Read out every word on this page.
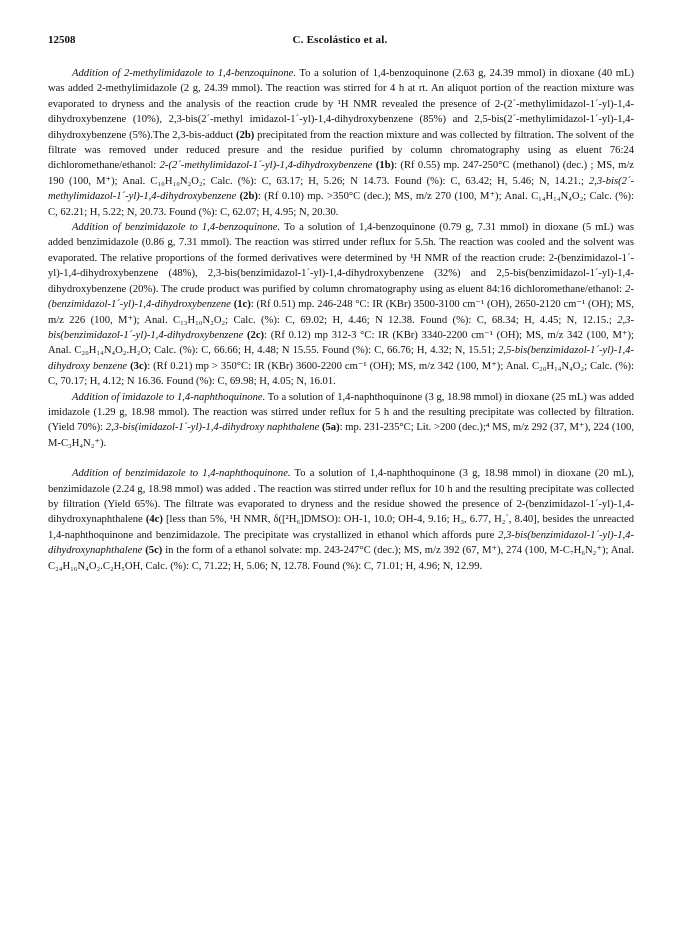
12508	C. Escolástico et al.

Addition of 2-methylimidazole to 1,4-benzoquinone. To a solution of 1,4-benzoquinone (2.63 g, 24.39 mmol) in dioxane (40 mL) was added 2-methylimidazole (2 g, 24.39 mmol). The reaction was stirred for 4 h at rt. An aliquot portion of the reaction mixture was evaporated to dryness and the analysis of the reaction crude by ¹H NMR revealed the presence of 2-(2´-methylimidazol-1´-yl)-1,4-dihydroxybenzene (10%), 2,3-bis(2´-methyl imidazol-1´-yl)-1,4-dihydroxybenzene (85%) and 2,5-bis(2´-methylimidazol-1´-yl)-1,4-dihydroxybenzene (5%).The 2,3-bis-adduct (2b) precipitated from the reaction mixture and was collected by filtration. The solvent of the filtrate was removed under reduced presure and the residue purified by column chromatography using as eluent 76:24 dichloromethane/ethanol: 2-(2´-methylimidazol-1´-yl)-1,4-dihydroxybenzene (1b): (Rf 0.55) mp. 247-250°C (methanol) (dec.) ; MS, m/z 190 (100, M⁺); Anal. C₁₀H₁₀N₂O₂; Calc. (%): C, 63.17; H, 5.26; N 14.73. Found (%): C, 63.42; H, 5.46; N, 14.21.; 2,3-bis(2´-methylimidazol-1´-yl)-1,4-dihydroxybenzene (2b): (Rf 0.10) mp. >350°C (dec.); MS, m/z 270 (100, M⁺); Anal. C₁₄H₁₄N₄O₂; Calc. (%): C, 62.21; H, 5.22; N, 20.73. Found (%): C, 62.07; H, 4.95; N, 20.30.

Addition of benzimidazole to 1,4-benzoquinone. To a solution of 1,4-benzoquinone (0.79 g, 7.31 mmol) in dioxane (5 mL) was added benzimidazole (0.86 g, 7.31 mmol). The reaction was stirred under reflux for 5.5h. The reaction was cooled and the solvent was evaporated. The relative proportions of the formed derivatives were determined by ¹H NMR of the reaction crude: 2-(benzimidazol-1´-yl)-1,4-dihydroxybenzene (48%), 2,3-bis(benzimidazol-1´-yl)-1,4-dihydroxybenzene (32%) and 2,5-bis(benzimidazol-1´-yl)-1,4-dihydroxybenzene (20%). The crude product was purified by column chromatography using as eluent 84:16 dichloromethane/ethanol: 2-(benzimidazol-1´-yl)-1,4-dihydroxybenzene (1c): (Rf 0.51) mp. 246-248 °C: IR (KBr) 3500-3100 cm⁻¹ (OH), 2650-2120 cm⁻¹ (OH); MS, m/z 226 (100, M⁺); Anal. C₁₃H₁₀N₂O₂; Calc. (%): C, 69.02; H, 4.46; N 12.38. Found (%): C, 68.34; H, 4.45; N, 12.15.; 2,3-bis(benzimidazol-1´-yl)-1,4-dihydroxybenzene (2c): (Rf 0.12) mp 312-3 °C: IR (KBr) 3340-2200 cm⁻¹ (OH); MS, m/z 342 (100, M⁺); Anal. C₂₀H₁₄N₄O₂.H₂O; Calc. (%): C, 66.66; H, 4.48; N 15.55. Found (%): C, 66.76; H, 4.32; N, 15.51; 2,5-bis(benzimidazol-1´-yl)-1,4-dihydroxy benzene (3c): (Rf 0.21) mp > 350°C: IR (KBr) 3600-2200 cm⁻¹ (OH); MS, m/z 342 (100, M⁺); Anal. C₂₀H₁₄N₄O₂; Calc. (%): C, 70.17; H, 4.12; N 16.36. Found (%): C, 69.98; H, 4.05; N, 16.01.

Addition of imidazole to 1,4-naphthoquinone. To a solution of 1,4-naphthoquinone (3 g, 18.98 mmol) in dioxane (25 mL) was added imidazole (1.29 g, 18.98 mmol). The reaction was stirred under reflux for 5 h and the resulting precipitate was collected by filtration. (Yield 70%): 2,3-bis(imidazol-1´-yl)-1,4-dihydroxy naphthalene (5a): mp. 231-235°C; Lit. >200 (dec.);⁴ MS, m/z 292 (37, M⁺), 224 (100, M-C₃H₄N₂⁺).

Addition of benzimidazole to 1,4-naphthoquinone. To a solution of 1,4-naphthoquinone (3 g, 18.98 mmol) in dioxane (20 mL), benzimidazole (2.24 g, 18.98 mmol) was added . The reaction was stirred under reflux for 10 h and the resulting precipitate was collected by filtration (Yield 65%). The filtrate was evaporated to dryness and the residue showed the presence of 2-(benzimidazol-1´-yl)-1,4-dihydroxynaphthalene (4c) [less than 5%, ¹H NMR, δ([²H₆]DMSO): OH-1, 10.0; OH-4, 9.16; H₃, 6.77, H₂´, 8.40], besides the unreacted 1,4-naphthoquinone and benzimidazole. The precipitate was crystallized in ethanol which affords pure 2,3-bis(benzimidazol-1´-yl)-1,4-dihydroxynaphthalene (5c) in the form of a ethanol solvate: mp. 243-247°C (dec.); MS, m/z 392 (67, M⁺), 274 (100, M-C₇H₆N₂⁺); Anal. C₂₄H₁₆N₄O₂.C₂H₅OH, Calc. (%): C, 71.22; H, 5.06; N, 12.78. Found (%): C, 71.01; H, 4.96; N, 12.99.
